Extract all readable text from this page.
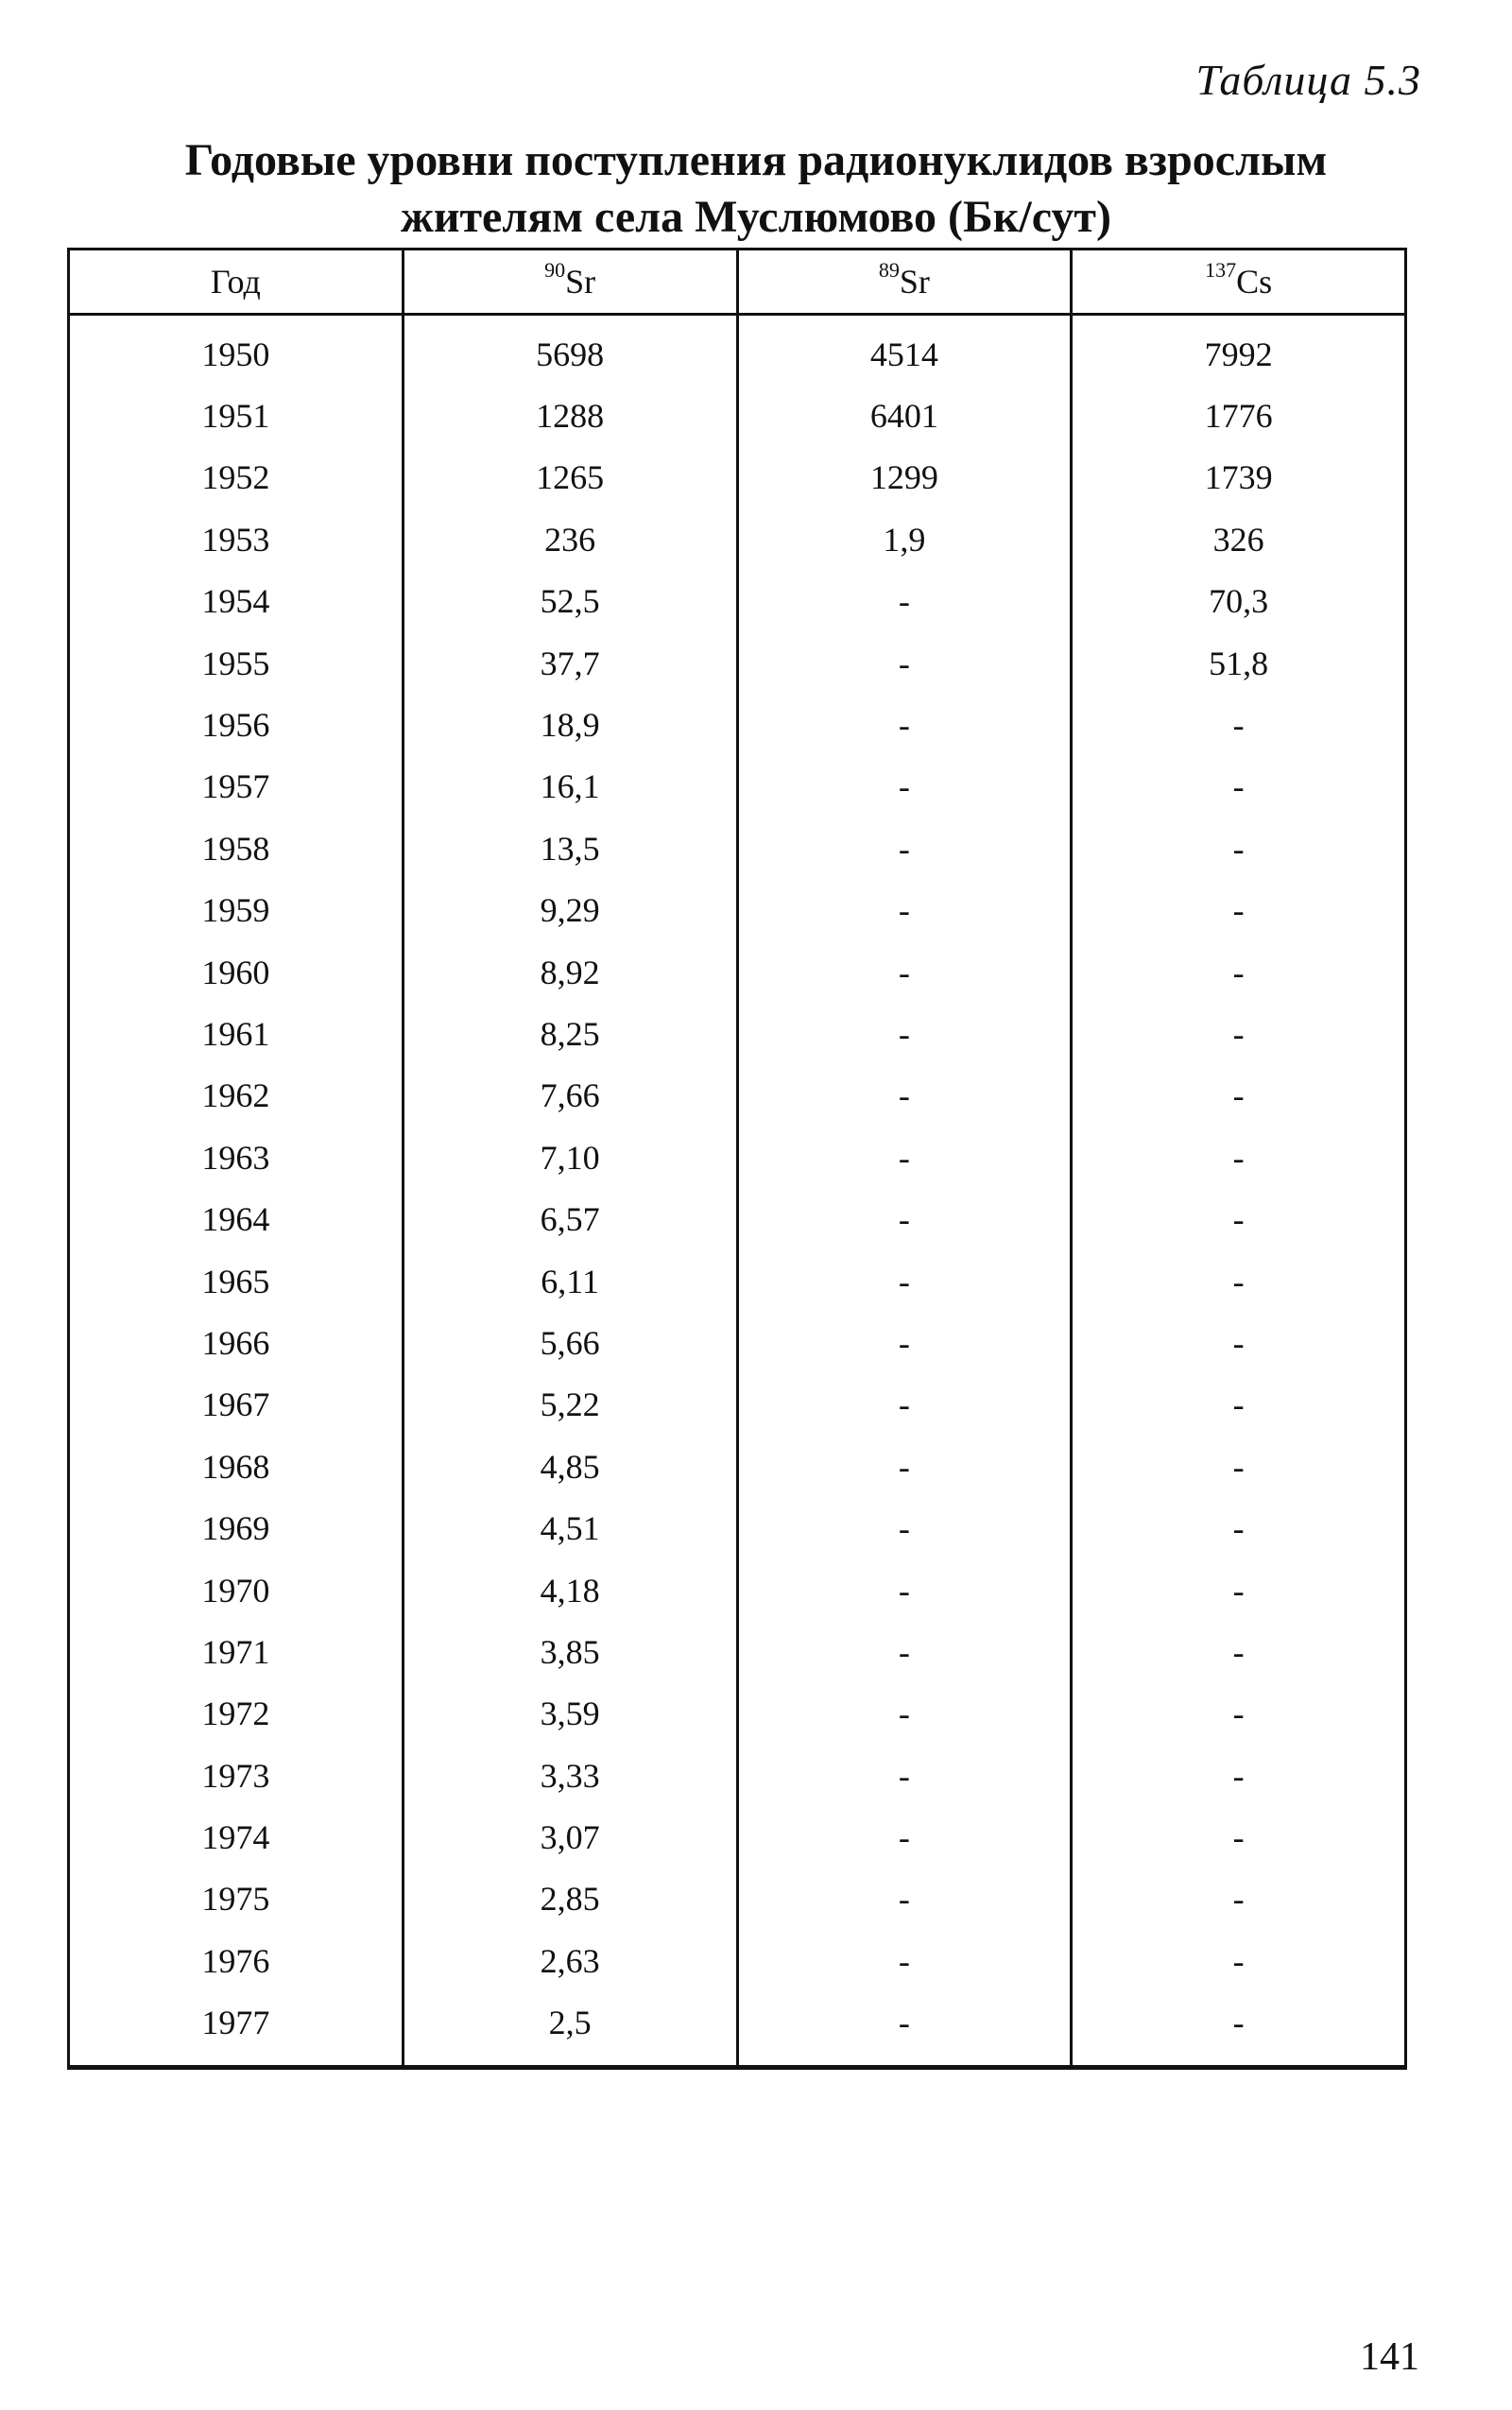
Таблица 5.3
Годовые уровни поступления радионуклидов взрослым
жителям села Муслюмово (Бк/сут)
Год	$^{90}$Sr	$^{89}$Sr	$^{137}$Cs
1950	5698	4514	7992
1951	1288	6401	1776
1952	1265	1299	1739
1953	236	1,9	326
1954	52,5	-	70,3
1955	37,7	-	51,8
1956	18,9	-	-
1957	16,1	-	-
1958	13,5	-	-
1959	9,29	-	-
1960	8,92	-	-
1961	8,25	-	-
1962	7,66	-	-
1963	7,10	-	-
1964	6,57	-	-
1965	6,11	-	-
1966	5,66	-	-
1967	5,22	-	-
1968	4,85	-	-
1969	4,51	-	-
1970	4,18	-	-
1971	3,85	-	-
1972	3,59	-	-
1973	3,33	-	-
1974	3,07	-	-
1975	2,85	-	-
1976	2,63	-	-
1977	2,5	-	-
141
